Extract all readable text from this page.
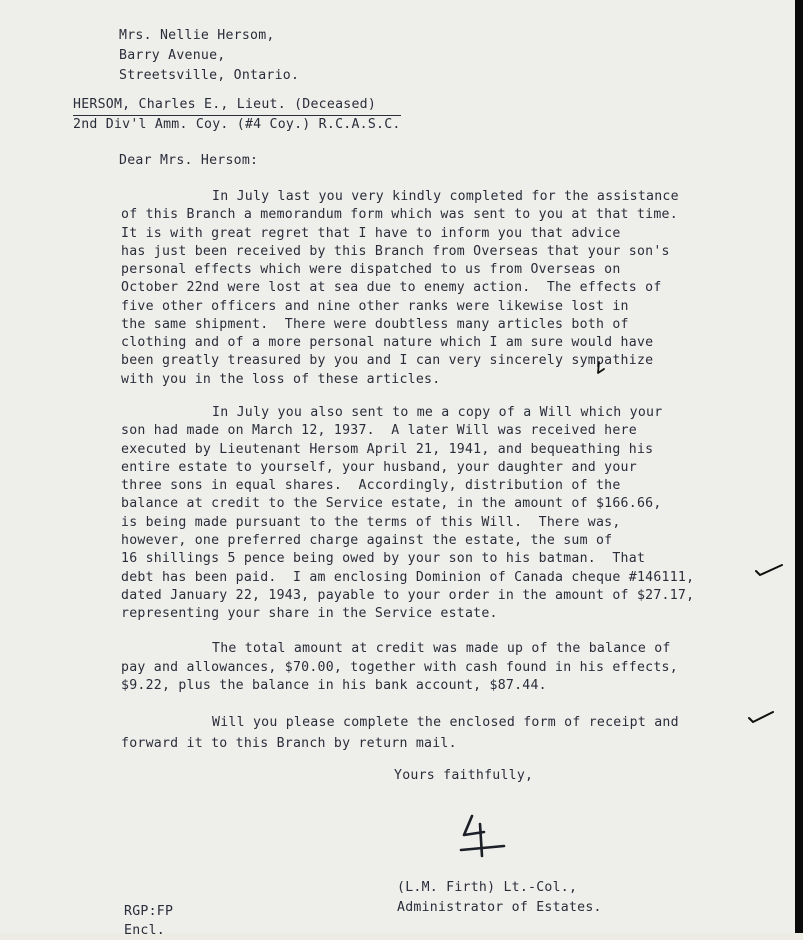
Mrs. Nellie Hersom,
Barry Avenue,
Streetsville, Ontario.
HERSOM, Charles E., Lieut. (Deceased)
2nd Div'l Amm. Coy. (#4 Coy.) R.C.A.S.C.
Dear Mrs. Hersom:
In July last you very kindly completed for the assistance
of this Branch a memorandum form which was sent to you at that time.
It is with great regret that I have to inform you that advice
has just been received by this Branch from Overseas that your son's
personal effects which were dispatched to us from Overseas on
October 22nd were lost at sea due to enemy action.  The effects of
five other officers and nine other ranks were likewise lost in
the same shipment.  There were doubtless many articles both of
clothing and of a more personal nature which I am sure would have
been greatly treasured by you and I can very sincerely sympathize
with you in the loss of these articles.
In July you also sent to me a copy of a Will which your
son had made on March 12, 1937.  A later Will was received here
executed by Lieutenant Hersom April 21, 1941, and bequeathing his
entire estate to yourself, your husband, your daughter and your
three sons in equal shares.  Accordingly, distribution of the
balance at credit to the Service estate, in the amount of $166.66,
is being made pursuant to the terms of this Will.  There was,
however, one preferred charge against the estate, the sum of
16 shillings 5 pence being owed by your son to his batman.  That
debt has been paid.  I am enclosing Dominion of Canada cheque #146111,
dated January 22, 1943, payable to your order in the amount of $27.17,
representing your share in the Service estate.
The total amount at credit was made up of the balance of
pay and allowances, $70.00, together with cash found in his effects,
$9.22, plus the balance in his bank account, $87.44.
Will you please complete the enclosed form of receipt and
forward it to this Branch by return mail.
Yours faithfully,
(L.M. Firth) Lt.-Col.,
Administrator of Estates.
RGP:FP
Encl.
